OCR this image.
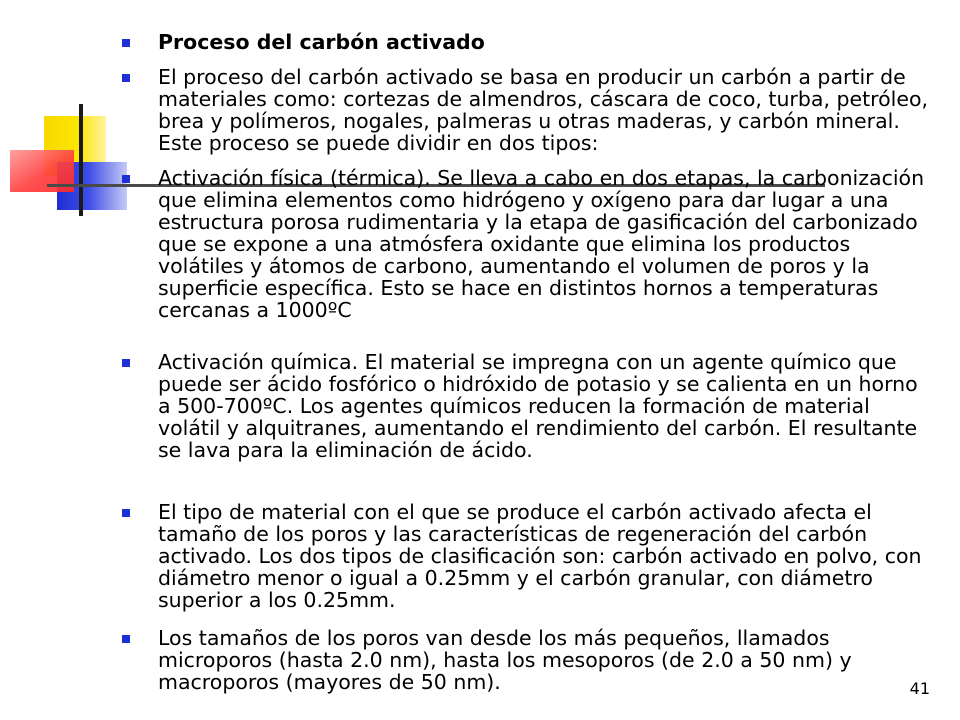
Proceso del carbón activado
El proceso del carbón activado se basa en producir un carbón a partir de materiales como: cortezas de almendros, cáscara de coco, turba, petróleo, brea y polímeros, nogales, palmeras u otras maderas, y carbón mineral. Este proceso se puede dividir en dos tipos:
Activación física (térmica). Se lleva a cabo en dos etapas, la carbonización que elimina elementos como hidrógeno y oxígeno para dar lugar a una estructura porosa rudimentaria y la etapa de gasificación del carbonizado que se expone a una atmósfera oxidante que elimina los productos volátiles y átomos de carbono, aumentando el volumen de poros y la superficie específica. Esto se hace en distintos hornos a temperaturas cercanas a 1000ºC
Activación química. El material se impregna con un agente químico que puede ser ácido fosfórico o hidróxido de potasio y se calienta en un horno a 500-700ºC. Los agentes químicos reducen la formación de material volátil y alquitranes, aumentando el rendimiento del carbón. El resultante se lava para la eliminación de ácido.
El tipo de material con el que se produce el carbón activado afecta el tamaño de los poros y las características de regeneración del carbón activado. Los dos tipos de clasificación son: carbón activado en polvo, con diámetro menor o igual a 0.25mm y el carbón granular, con diámetro superior a los 0.25mm.
Los tamaños de los poros van desde los más pequeños, llamados microporos (hasta 2.0 nm), hasta los mesoporos (de 2.0 a 50 nm) y macroporos (mayores de 50 nm).	41
